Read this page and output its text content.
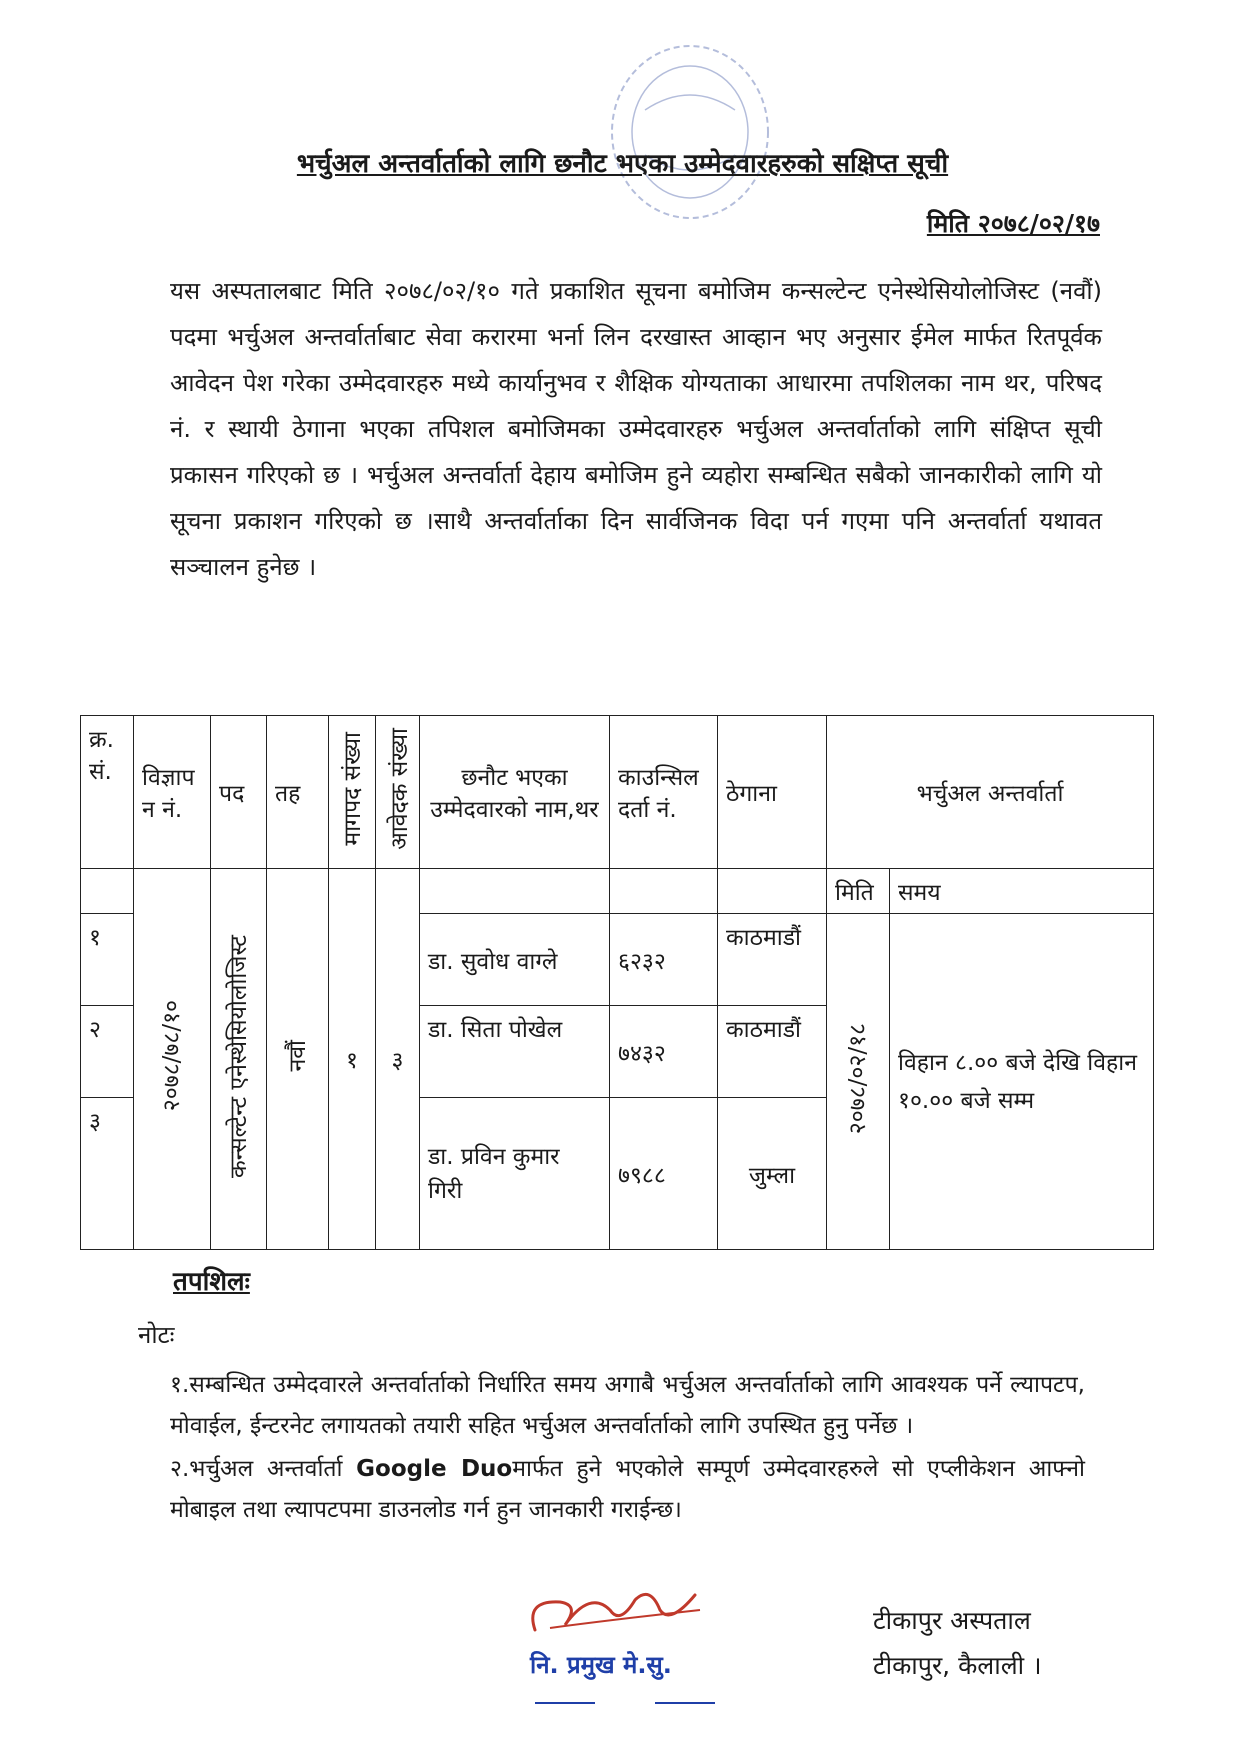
भर्चुअल अन्तर्वार्ताको लागि छनौट भएका उम्मेदवारहरुको सक्षिप्त सूची
मिति २०७८/०२/१७
यस अस्पतालबाट मिति २०७८/०२/१० गते प्रकाशित सूचना बमोजिम कन्सल्टेन्ट एनेस्थेसियोलोजिस्ट (नवौं) पदमा भर्चुअल अन्तर्वार्ताबाट सेवा करारमा भर्ना लिन दरखास्त आव्हान भए अनुसार ईमेल मार्फत रितपूर्वक आवेदन पेश गरेका उम्मेदवारहरु मध्ये कार्यानुभव र शैक्षिक योग्यताका आधारमा तपशिलका नाम थर, परिषद नं. र स्थायी ठेगाना भएका तपिशल बमोजिमका उम्मेदवारहरु भर्चुअल अन्तर्वार्ताको लागि संक्षिप्त सूची प्रकासन गरिएको छ । भर्चुअल अन्तर्वार्ता देहाय बमोजिम हुने व्यहोरा सम्बन्धित सबैको जानकारीको लागि यो सूचना प्रकाशन गरिएको छ ।साथै अन्तर्वार्ताका दिन सार्वजिनक विदा पर्न गएमा पनि अन्तर्वार्ता यथावत सञ्चालन हुनेछ ।
क्र. सं.	विज्ञाप न नं.	पद	तह	मागपद संख्या	आवेदक संख्या	छनौट भएका उम्मेदवारको नाम,थर	काउन्सिल दर्ता नं.	ठेगाना	भर्चुअल अन्तर्वार्ता	
	२०७८/७८/१०	कन्सल्टेन्ट एनेस्थेसियोलोजिस्ट	नवौं	१	३				मिति	समय
१						डा. सुवोध वाग्ले	६२३२	काठमाडौं	२०७८/०२/१८	विहान ८.०० बजे देखि विहान १०.०० बजे सम्म
२						डा. सिता पोखेल	७४३२	काठमाडौं		
३						डा. प्रविन कुमार गिरी	७९८८	जुम्ला		
तपशिलः
नोटः

१.सम्बन्धित उम्मेदवारले अन्तर्वार्ताको निर्धारित समय अगाबै भर्चुअल अन्तर्वार्ताको लागि आवश्यक पर्ने ल्यापटप, मोवाईल, ईन्टरनेट लगायतको तयारी सहित भर्चुअल अन्तर्वार्ताको लागि उपस्थित हुनु पर्नेछ ।

२.भर्चुअल अन्तर्वार्ता Google Duoमार्फत हुने भएकोले सम्पूर्ण उम्मेदवारहरुले सो एप्लीकेशन आफ्नो मोबाइल तथा ल्यापटपमा डाउनलोड गर्न हुन जानकारी गराईन्छ।

नि. प्रमुख मे.सु.
टीकापुर अस्पताल
टीकापुर, कैलाली ।
